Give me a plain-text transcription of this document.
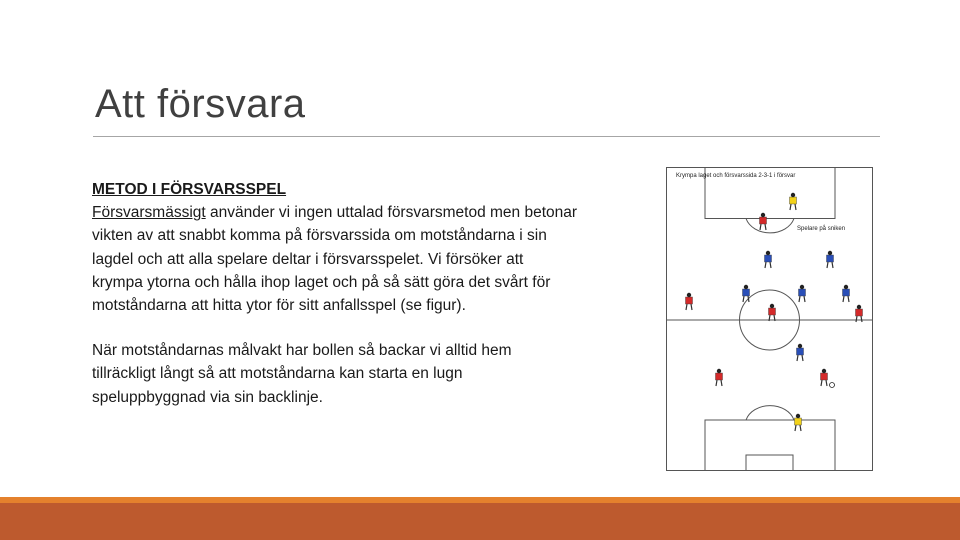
Att försvara
METOD I FÖRSVARSSPEL

Försvarsmässigt använder vi ingen uttalad försvarsmetod men betonar
vikten av att snabbt komma på försvarssida om motståndarna i sin
lagdel och att alla spelare deltar i försvarsspelet. Vi försöker att
krympa ytorna och hålla ihop laget och på så sätt göra det svårt för
motståndarna att hitta ytor för sitt anfallsspel (se figur).

När motståndarnas målvakt har bollen så backar vi alltid hem
tillräckligt långt så att motståndarna kan starta en lugn
speluppbyggnad via sin backlinje.

Krympa laget och försvarssida 2-3-1 i försvar
Spelare på sniken
